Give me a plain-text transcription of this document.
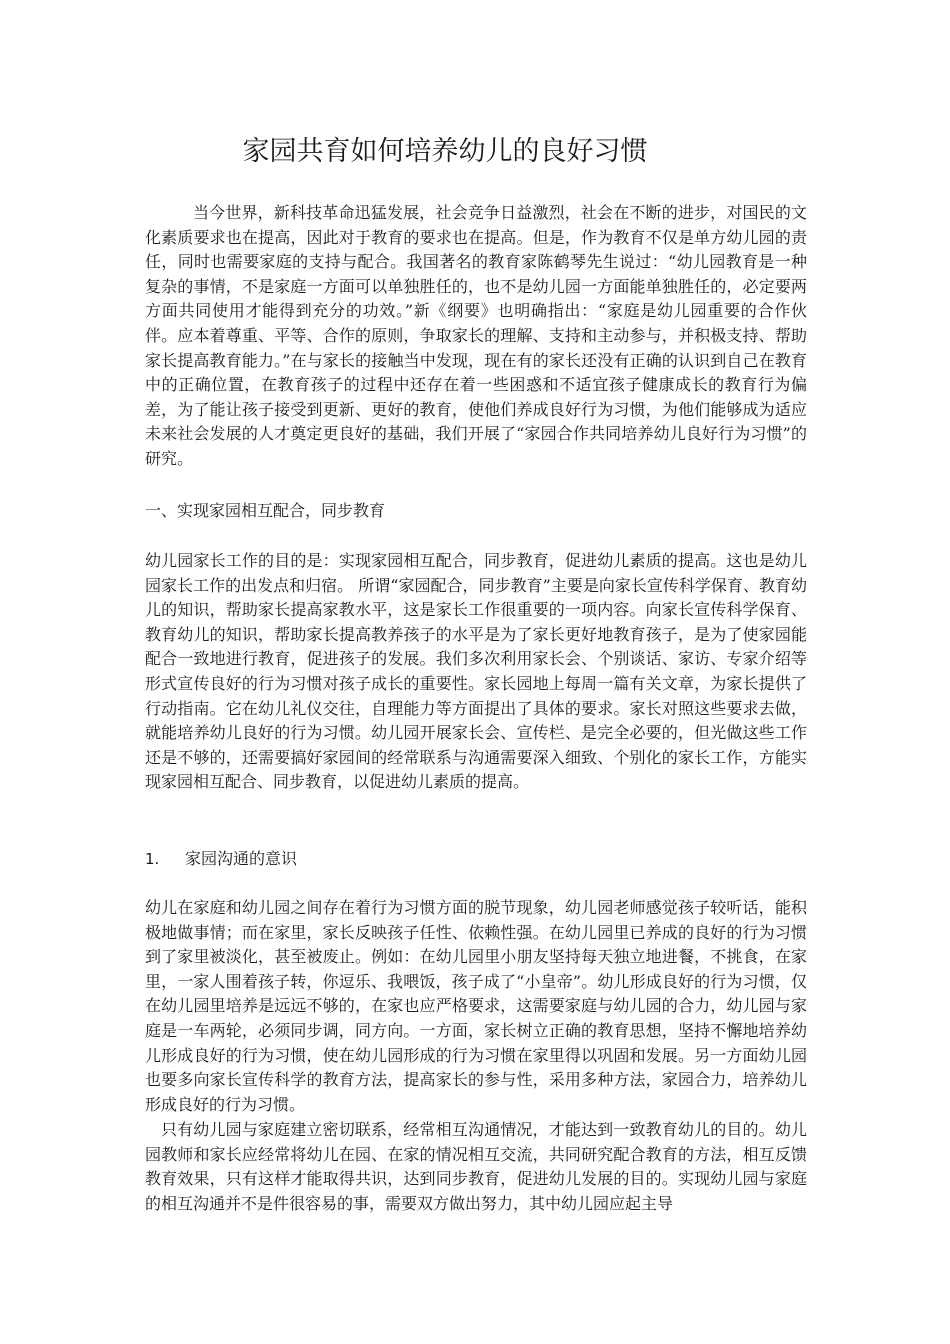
家园共育如何培养幼儿的良好习惯

当今世界，新科技革命迅猛发展，社会竞争日益激烈，社会在不断的进步，对国民的文化素质要求也在提高，因此对于教育的要求也在提高。但是，作为教育不仅是单方幼儿园的责任，同时也需要家庭的支持与配合。我国著名的教育家陈鹤琴先生说过：“幼儿园教育是一种复杂的事情，不是家庭一方面可以单独胜任的，也不是幼儿园一方面能单独胜任的，必定要两方面共同使用才能得到充分的功效。”新《纲要》也明确指出：“家庭是幼儿园重要的合作伙伴。应本着尊重、平等、合作的原则，争取家长的理解、支持和主动参与，并积极支持、帮助家长提高教育能力。”在与家长的接触当中发现，现在有的家长还没有正确的认识到自己在教育中的正确位置，在教育孩子的过程中还存在着一些困惑和不适宜孩子健康成长的教育行为偏差，为了能让孩子接受到更新、更好的教育，使他们养成良好行为习惯，为他们能够成为适应未来社会发展的人才奠定更良好的基础，我们开展了“家园合作共同培养幼儿良好行为习惯”的研究。

一、实现家园相互配合，同步教育

幼儿园家长工作的目的是：实现家园相互配合，同步教育，促进幼儿素质的提高。这也是幼儿园家长工作的出发点和归宿。 所谓“家园配合，同步教育”主要是向家长宣传科学保育、教育幼儿的知识，帮助家长提高家教水平，这是家长工作很重要的一项内容。向家长宣传科学保育、教育幼儿的知识，帮助家长提高教养孩子的水平是为了家长更好地教育孩子，是为了使家园能配合一致地进行教育，促进孩子的发展。我们多次利用家长会、个别谈话、家访、专家介绍等形式宣传良好的行为习惯对孩子成长的重要性。家长园地上每周一篇有关文章，为家长提供了行动指南。它在幼儿礼仪交往，自理能力等方面提出了具体的要求。家长对照这些要求去做，就能培养幼儿良好的行为习惯。幼儿园开展家长会、宣传栏、是完全必要的，但光做这些工作还是不够的，还需要搞好家园间的经常联系与沟通需要深入细致、个别化的家长工作，方能实现家园相互配合、同步教育，以促进幼儿素质的提高。

1. 家园沟通的意识

幼儿在家庭和幼儿园之间存在着行为习惯方面的脱节现象，幼儿园老师感觉孩子较听话，能积极地做事情；而在家里，家长反映孩子任性、依赖性强。在幼儿园里已养成的良好的行为习惯到了家里被淡化，甚至被废止。例如：在幼儿园里小朋友坚持每天独立地进餐，不挑食，在家里，一家人围着孩子转，你逗乐、我喂饭，孩子成了“小皇帝”。幼儿形成良好的行为习惯，仅在幼儿园里培养是远远不够的，在家也应严格要求，这需要家庭与幼儿园的合力，幼儿园与家庭是一车两轮，必须同步调，同方向。一方面，家长树立正确的教育思想，坚持不懈地培养幼儿形成良好的行为习惯，使在幼儿园形成的行为习惯在家里得以巩固和发展。另一方面幼儿园也要多向家长宣传科学的教育方法，提高家长的参与性，采用多种方法，家园合力，培养幼儿形成良好的行为习惯。

只有幼儿园与家庭建立密切联系，经常相互沟通情况，才能达到一致教育幼儿的目的。幼儿园教师和家长应经常将幼儿在园、在家的情况相互交流，共同研究配合教育的方法，相互反馈教育效果，只有这样才能取得共识，达到同步教育，促进幼儿发展的目的。实现幼儿园与家庭的相互沟通并不是件很容易的事，需要双方做出努力，其中幼儿园应起主导
